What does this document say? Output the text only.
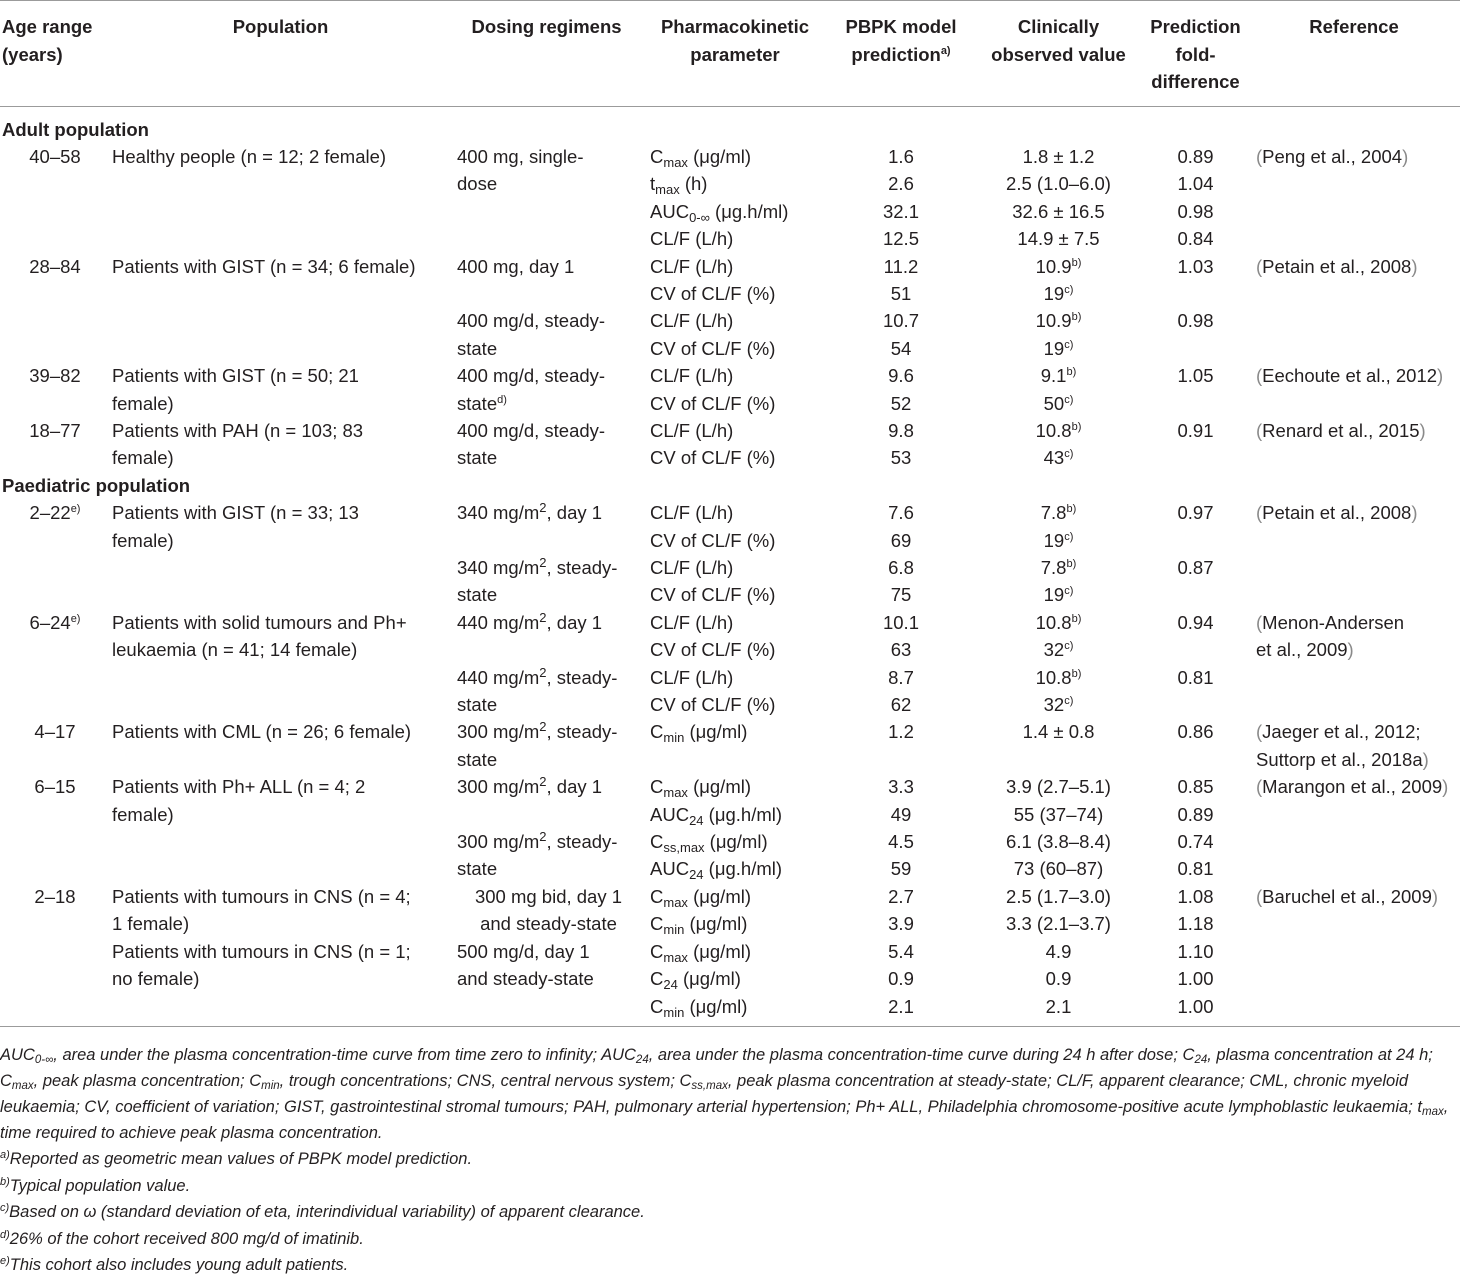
Age range (years)	Population	Dosing regimens	Pharmacokinetic parameter	PBPK model prediction$^{a)}$	Clinically observed value	Prediction fold-difference	Reference
Adult population							
40–58	Healthy people (n = 12; 2 female)	400 mg, single-	$C_{max}$ (μg/ml)	1.6	1.8 ± 1.2	0.89	(Peng et al., 2004)
		dose	$t_{max}$ (h)	2.6	2.5 (1.0–6.0)	1.04	
			$AUC_{0-\infty}$ (μg.h/ml)	32.1	32.6 ± 16.5	0.98	
			CL/F (L/h)	12.5	14.9 ± 7.5	0.84	
28–84	Patients with GIST (n = 34; 6 female)	400 mg, day 1	CL/F (L/h)	11.2	10.9$^{b)}$	1.03	(Petain et al., 2008)
			CV of CL/F (%)	51	19$^{c)}$		
		400 mg/d, steady-	CL/F (L/h)	10.7	10.9$^{b)}$	0.98	
		state	CV of CL/F (%)	54	19$^{c)}$		
39–82	Patients with GIST (n = 50; 21	400 mg/d, steady-	CL/F (L/h)	9.6	9.1$^{b)}$	1.05	(Eechoute et al., 2012)
	female)	state$^{d)}$	CV of CL/F (%)	52	50$^{c)}$		
18–77	Patients with PAH (n = 103; 83	400 mg/d, steady-	CL/F (L/h)	9.8	10.8$^{b)}$	0.91	(Renard et al., 2015)
	female)	state	CV of CL/F (%)	53	43$^{c)}$		
Paediatric population							
2–22$^{e)}$	Patients with GIST (n = 33; 13	340 $mg/m^2$, day 1	CL/F (L/h)	7.6	7.8$^{b)}$	0.97	(Petain et al., 2008)
	female)		CV of CL/F (%)	69	19$^{c)}$		
		340 $mg/m^2$, steady-	CL/F (L/h)	6.8	7.8$^{b)}$	0.87	
		state	CV of CL/F (%)	75	19$^{c)}$		
6–24$^{e)}$	Patients with solid tumours and Ph+	440 $mg/m^2$, day 1	CL/F (L/h)	10.1	10.8$^{b)}$	0.94	(Menon-Andersen
	leukaemia (n = 41; 14 female)		CV of CL/F (%)	63	32$^{c)}$		et al., 2009)
		440 $mg/m^2$, steady-	CL/F (L/h)	8.7	10.8$^{b)}$	0.81	
		state	CV of CL/F (%)	62	32$^{c)}$		
4–17	Patients with CML (n = 26; 6 female)	300 $mg/m^2$, steady-	$C_{min}$ (μg/ml)	1.2	1.4 ± 0.8	0.86	(Jaeger et al., 2012;
		state					Suttorp et al., 2018a)
6–15	Patients with Ph+ ALL (n = 4; 2	300 $mg/m^2$, day 1	$C_{max}$ (μg/ml)	3.3	3.9 (2.7–5.1)	0.85	(Marangon et al., 2009)
	female)		$AUC_{24}$ (μg.h/ml)	49	55 (37–74)	0.89	
		300 $mg/m^2$, steady-	$C_{ss,max}$ (μg/ml)	4.5	6.1 (3.8–8.4)	0.74	
		state	$AUC_{24}$ (μg.h/ml)	59	73 (60–87)	0.81	
2–18	Patients with tumours in CNS (n = 4;	300 mg bid, day 1	$C_{max}$ (μg/ml)	2.7	2.5 (1.7–3.0)	1.08	(Baruchel et al., 2009)
	1 female)	and steady-state	$C_{min}$ (μg/ml)	3.9	3.3 (2.1–3.7)	1.18	
	Patients with tumours in CNS (n = 1;	500 mg/d, day 1	$C_{max}$ (μg/ml)	5.4	4.9	1.10	
	no female)	and steady-state	$C_{24}$ (μg/ml)	0.9	0.9	1.00	
			$C_{min}$ (μg/ml)	2.1	2.1	1.00	

$AUC_{0-\infty}$, area under the plasma concentration-time curve from time zero to infinity; $AUC_{24}$, area under the plasma concentration-time curve during 24 h after dose; $C_{24}$, plasma concentration at 24 h; $C_{max}$, peak plasma concentration; $C_{min}$, trough concentrations; CNS, central nervous system; $C_{ss,max}$, peak plasma concentration at steady-state; CL/F, apparent clearance; CML, chronic myeloid leukaemia; CV, coefficient of variation; GIST, gastrointestinal stromal tumours; PAH, pulmonary arterial hypertension; Ph+ ALL, Philadelphia chromosome-positive acute lymphoblastic leukaemia; $t_{max}$, time required to achieve peak plasma concentration.

$^{a)}$Reported as geometric mean values of PBPK model prediction.

$^{b)}$Typical population value.

$^{c)}$Based on ω (standard deviation of eta, interindividual variability) of apparent clearance.

$^{d)}$26% of the cohort received 800 mg/d of imatinib.

$^{e)}$This cohort also includes young adult patients.
